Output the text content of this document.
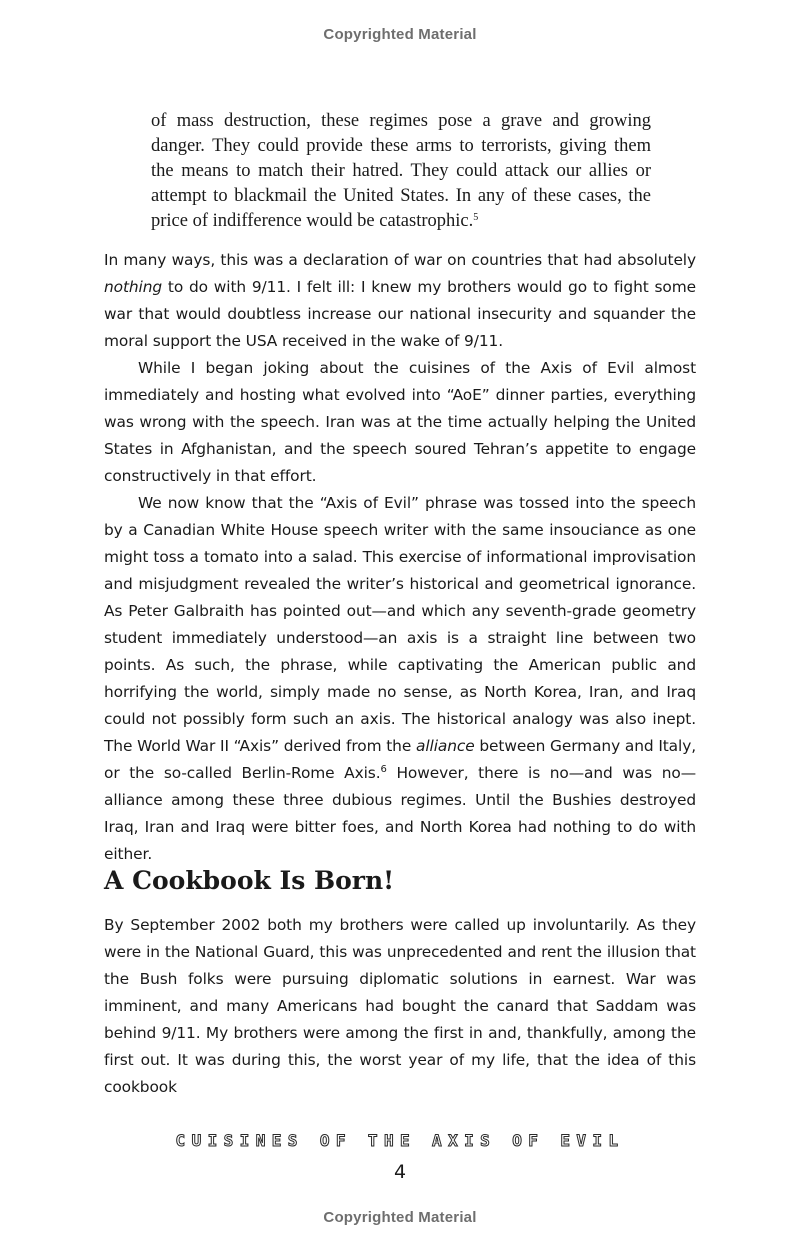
Copyrighted Material
of mass destruction, these regimes pose a grave and growing danger. They could provide these arms to terrorists, giving them the means to match their hatred. They could attack our allies or attempt to blackmail the United States. In any of these cases, the price of indifference would be catastrophic.$^5$

In many ways, this was a declaration of war on countries that had absolutely nothing to do with 9/11. I felt ill: I knew my brothers would go to fight some war that would doubtless increase our national insecurity and squander the moral support the USA received in the wake of 9/11.

While I began joking about the cuisines of the Axis of Evil almost immediately and hosting what evolved into “AoE” dinner parties, everything was wrong with the speech. Iran was at the time actually helping the United States in Afghanistan, and the speech soured Tehran’s appetite to engage constructively in that effort.

We now know that the “Axis of Evil” phrase was tossed into the speech by a Canadian White House speech writer with the same insouciance as one might toss a tomato into a salad. This exercise of informational improvisation and misjudgment revealed the writer’s historical and geometrical ignorance. As Peter Galbraith has pointed out—and which any seventh-grade geometry student immediately understood—an axis is a straight line between two points. As such, the phrase, while captivating the American public and horrifying the world, simply made no sense, as North Korea, Iran, and Iraq could not possibly form such an axis. The historical analogy was also inept. The World War II “Axis” derived from the alliance between Germany and Italy, or the so-called Berlin-Rome Axis.$^6$ However, there is no—and was no—alliance among these three dubious regimes. Until the Bushies destroyed Iraq, Iran and Iraq were bitter foes, and North Korea had nothing to do with either.

A Cookbook Is Born!

By September 2002 both my brothers were called up involuntarily. As they were in the National Guard, this was unprecedented and rent the illusion that the Bush folks were pursuing diplomatic solutions in earnest. War was imminent, and many Americans had bought the canard that Saddam was behind 9/11. My brothers were among the first in and, thankfully, among the first out. It was during this, the worst year of my life, that the idea of this cookbook

CUISINES OF THE AXIS OF EVIL
4
Copyrighted Material
